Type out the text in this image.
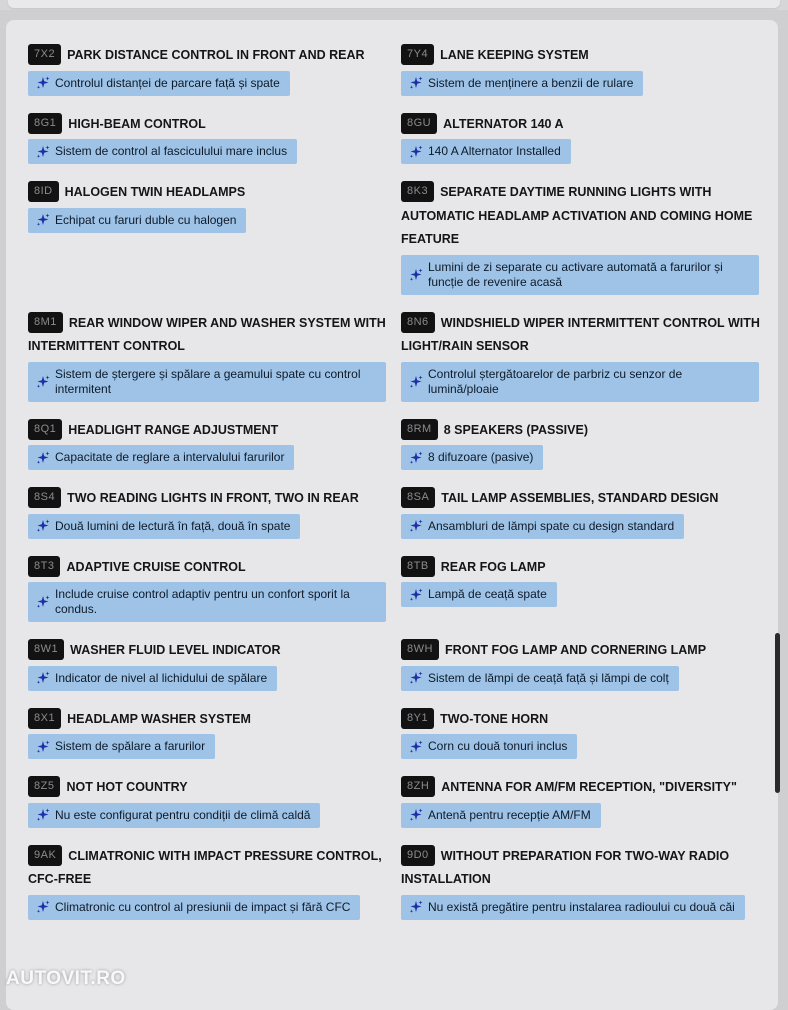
7X2 PARK DISTANCE CONTROL IN FRONT AND REAR
Controlul distanței de parcare față și spate
7Y4 LANE KEEPING SYSTEM
Sistem de menținere a benzii de rulare
8G1 HIGH-BEAM CONTROL
Sistem de control al fasciculului mare inclus
8GU ALTERNATOR 140 A
140 A Alternator Installed
8ID HALOGEN TWIN HEADLAMPS
Echipat cu faruri duble cu halogen
8K3 SEPARATE DAYTIME RUNNING LIGHTS WITH AUTOMATIC HEADLAMP ACTIVATION AND COMING HOME FEATURE
Lumini de zi separate cu activare automată a farurilor și funcție de revenire acasă
8M1 REAR WINDOW WIPER AND WASHER SYSTEM WITH INTERMITTENT CONTROL
Sistem de ștergere și spălare a geamului spate cu control intermitent
8N6 WINDSHIELD WIPER INTERMITTENT CONTROL WITH LIGHT/RAIN SENSOR
Controlul ștergătoarelor de parbriz cu senzor de lumină/ploaie
8Q1 HEADLIGHT RANGE ADJUSTMENT
Capacitate de reglare a intervalului farurilor
8RM 8 SPEAKERS (PASSIVE)
8 difuzoare (pasive)
8S4 TWO READING LIGHTS IN FRONT, TWO IN REAR
Două lumini de lectură în față, două în spate
8SA TAIL LAMP ASSEMBLIES, STANDARD DESIGN
Ansambluri de lămpi spate cu design standard
8T3 ADAPTIVE CRUISE CONTROL
Include cruise control adaptiv pentru un confort sporit la condus.
8TB REAR FOG LAMP
Lampă de ceață spate
8W1 WASHER FLUID LEVEL INDICATOR
Indicator de nivel al lichidului de spălare
8WH FRONT FOG LAMP AND CORNERING LAMP
Sistem de lămpi de ceață față și lămpi de colț
8X1 HEADLAMP WASHER SYSTEM
Sistem de spălare a farurilor
8Y1 TWO-TONE HORN
Corn cu două tonuri inclus
8Z5 NOT HOT COUNTRY
Nu este configurat pentru condiții de climă caldă
8ZH ANTENNA FOR AM/FM RECEPTION, "DIVERSITY"
Antenă pentru recepție AM/FM
9AK CLIMATRONIC WITH IMPACT PRESSURE CONTROL, CFC-FREE
Climatronic cu control al presiunii de impact și fără CFC
9D0 WITHOUT PREPARATION FOR TWO-WAY RADIO INSTALLATION
Nu există pregătire pentru instalarea radioului cu două căi
AUTOVIT.RO
